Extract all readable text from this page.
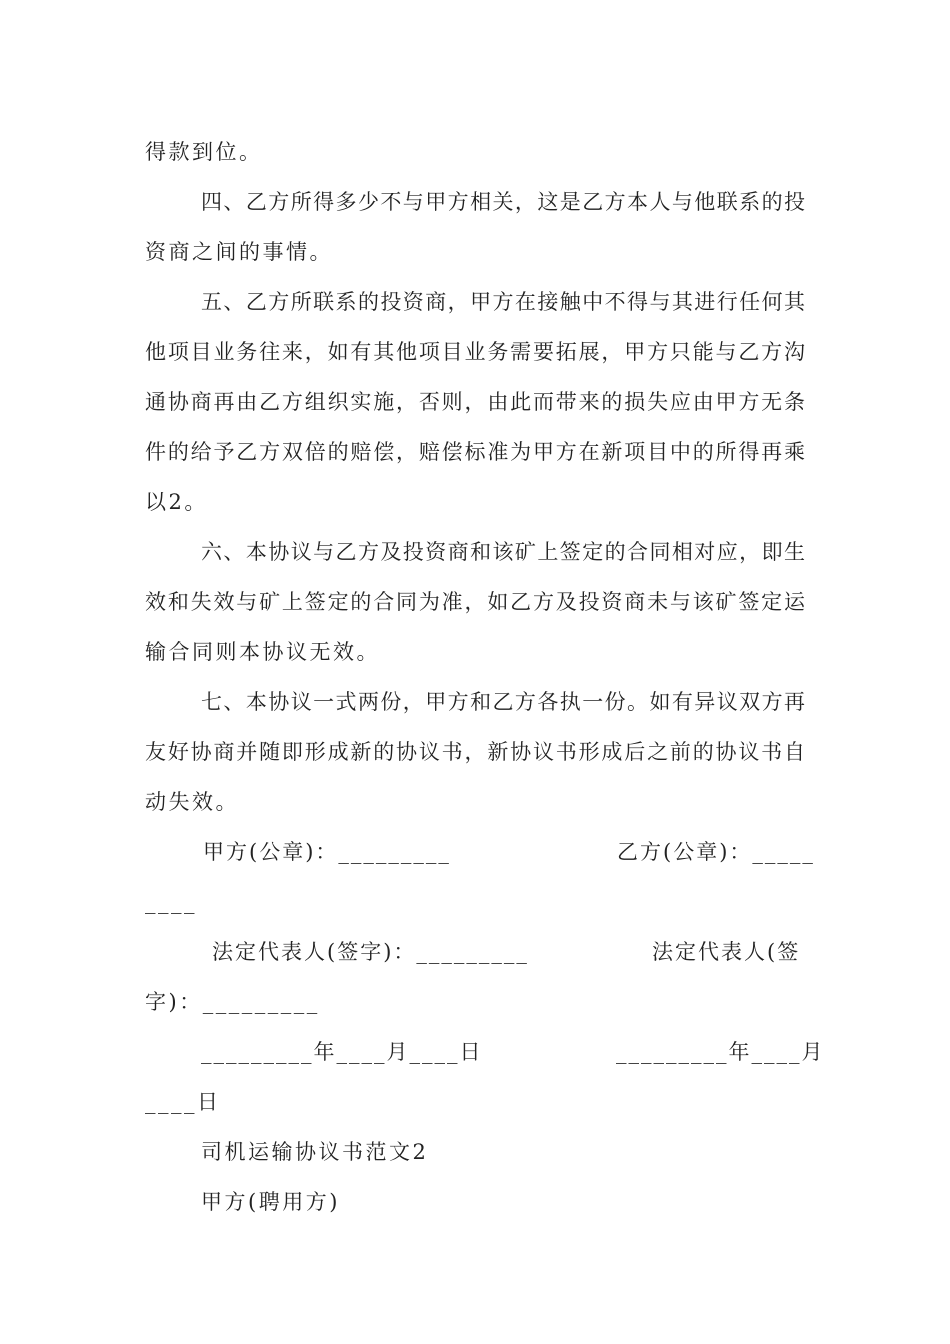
得款到位。
四、乙方所得多少不与甲方相关，这是乙方本人与他联系的投
资商之间的事情。
五、乙方所联系的投资商，甲方在接触中不得与其进行任何其
他项目业务往来，如有其他项目业务需要拓展，甲方只能与乙方沟
通协商再由乙方组织实施，否则，由此而带来的损失应由甲方无条
件的给予乙方双倍的赔偿，赔偿标准为甲方在新项目中的所得再乘
以2。
六、本协议与乙方及投资商和该矿上签定的合同相对应，即生
效和失效与矿上签定的合同为准，如乙方及投资商未与该矿签定运
输合同则本协议无效。
七、本协议一式两份，甲方和乙方各执一份。如有异议双方再
友好协商并随即形成新的协议书，新协议书形成后之前的协议书自
动失效。
甲方(公章)：_________	乙方(公章)：_____
____
法定代表人(签字)：_________	法定代表人(签
字)：_________
_________年____月____日	_________年____月
____日
司机运输协议书范文2
甲方(聘用方)
